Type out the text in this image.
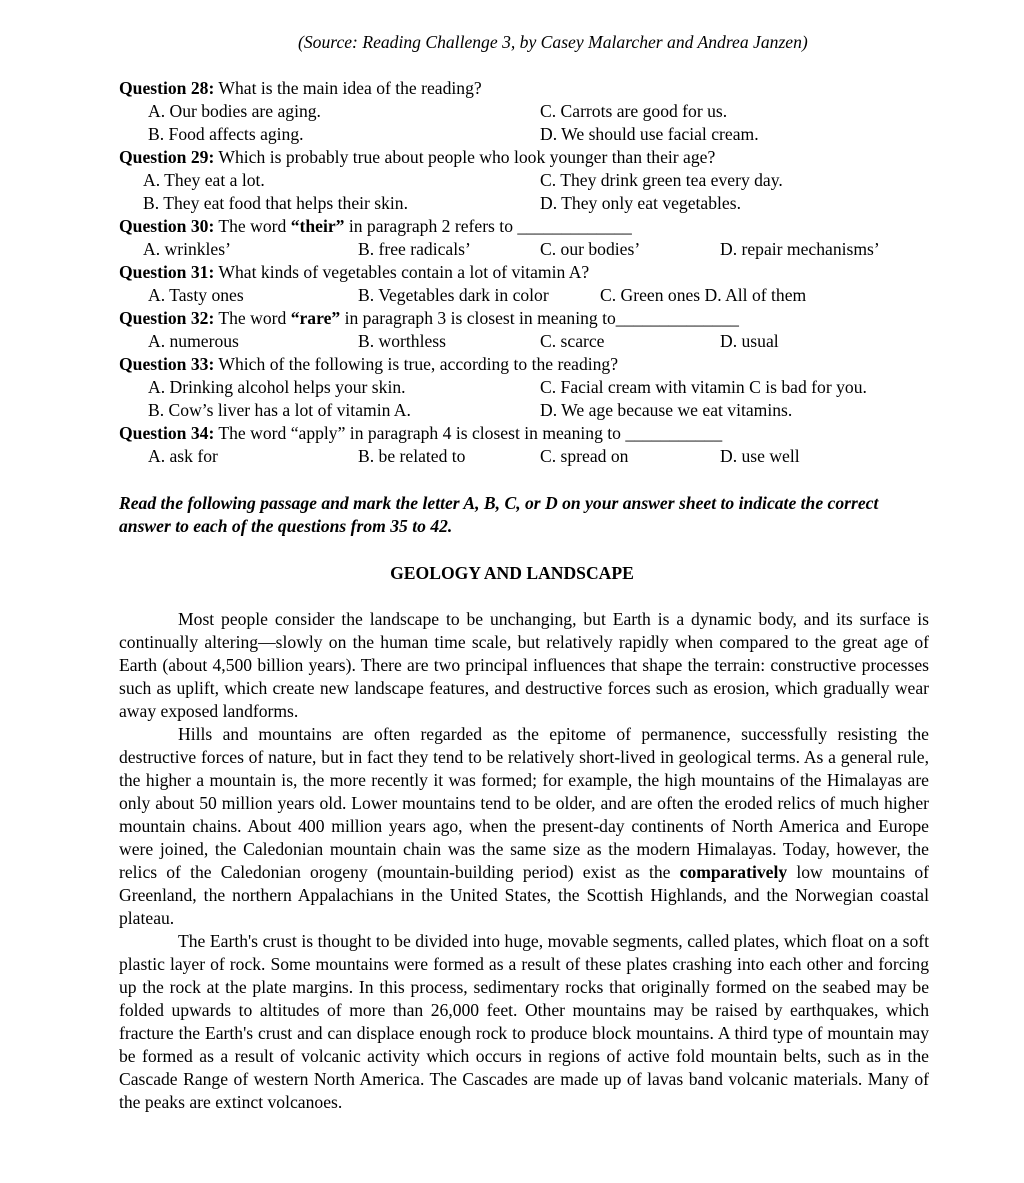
(Source: Reading Challenge 3, by Casey Malarcher and Andrea Janzen)
Question 28: What is the main idea of the reading?
A. Our bodies are aging.	C. Carrots are good for us.
B. Food affects aging.	D. We should use facial cream.
Question 29: Which is probably true about people who look younger than their age?
A. They eat a lot.	C. They drink green tea every day.
B. They eat food that helps their skin.	D. They only eat vegetables.
Question 30: The word “their” in paragraph 2 refers to _____________
A. wrinkles’	B. free radicals’	C. our bodies’	D. repair mechanisms’
Question 31: What kinds of vegetables contain a lot of vitamin A?
A. Tasty ones	B. Vegetables dark in color	C. Green ones D. All of them
Question 32: The word “rare” in paragraph 3 is closest in meaning to______________
A. numerous	B. worthless	C. scarce	D. usual
Question 33: Which of the following is true, according to the reading?
A. Drinking alcohol helps your skin.	C. Facial cream with vitamin C is bad for you.
B. Cow’s liver has a lot of vitamin A.	D. We age because we eat vitamins.
Question 34: The word “apply” in paragraph 4 is closest in meaning to ___________
A. ask for	B. be related to	C. spread on	D. use well
Read the following passage and mark the letter A, B, C, or D on your answer sheet to indicate the correct answer to each of the questions from 35 to 42.
GEOLOGY AND LANDSCAPE

Most people consider the landscape to be unchanging, but Earth is a dynamic body, and its surface is continually altering—slowly on the human time scale, but relatively rapidly when compared to the great age of Earth (about 4,500 billion years). There are two principal influences that shape the terrain: constructive processes such as uplift, which create new landscape features, and destructive forces such as erosion, which gradually wear away exposed landforms.

Hills and mountains are often regarded as the epitome of permanence, successfully resisting the destructive forces of nature, but in fact they tend to be relatively short-lived in geological terms. As a general rule, the higher a mountain is, the more recently it was formed; for example, the high mountains of the Himalayas are only about 50 million years old. Lower mountains tend to be older, and are often the eroded relics of much higher mountain chains. About 400 million years ago, when the present-day continents of North America and Europe were joined, the Caledonian mountain chain was the same size as the modern Himalayas. Today, however, the relics of the Caledonian orogeny (mountain-building period) exist as the comparatively low mountains of Greenland, the northern Appalachians in the United States, the Scottish Highlands, and the Norwegian coastal plateau.

The Earth's crust is thought to be divided into huge, movable segments, called plates, which float on a soft plastic layer of rock. Some mountains were formed as a result of these plates crashing into each other and forcing up the rock at the plate margins. In this process, sedimentary rocks that originally formed on the seabed may be folded upwards to altitudes of more than 26,000 feet. Other mountains may be raised by earthquakes, which fracture the Earth's crust and can displace enough rock to produce block mountains. A third type of mountain may be formed as a result of volcanic activity which occurs in regions of active fold mountain belts, such as in the Cascade Range of western North America. The Cascades are made up of lavas band volcanic materials. Many of the peaks are extinct volcanoes.
